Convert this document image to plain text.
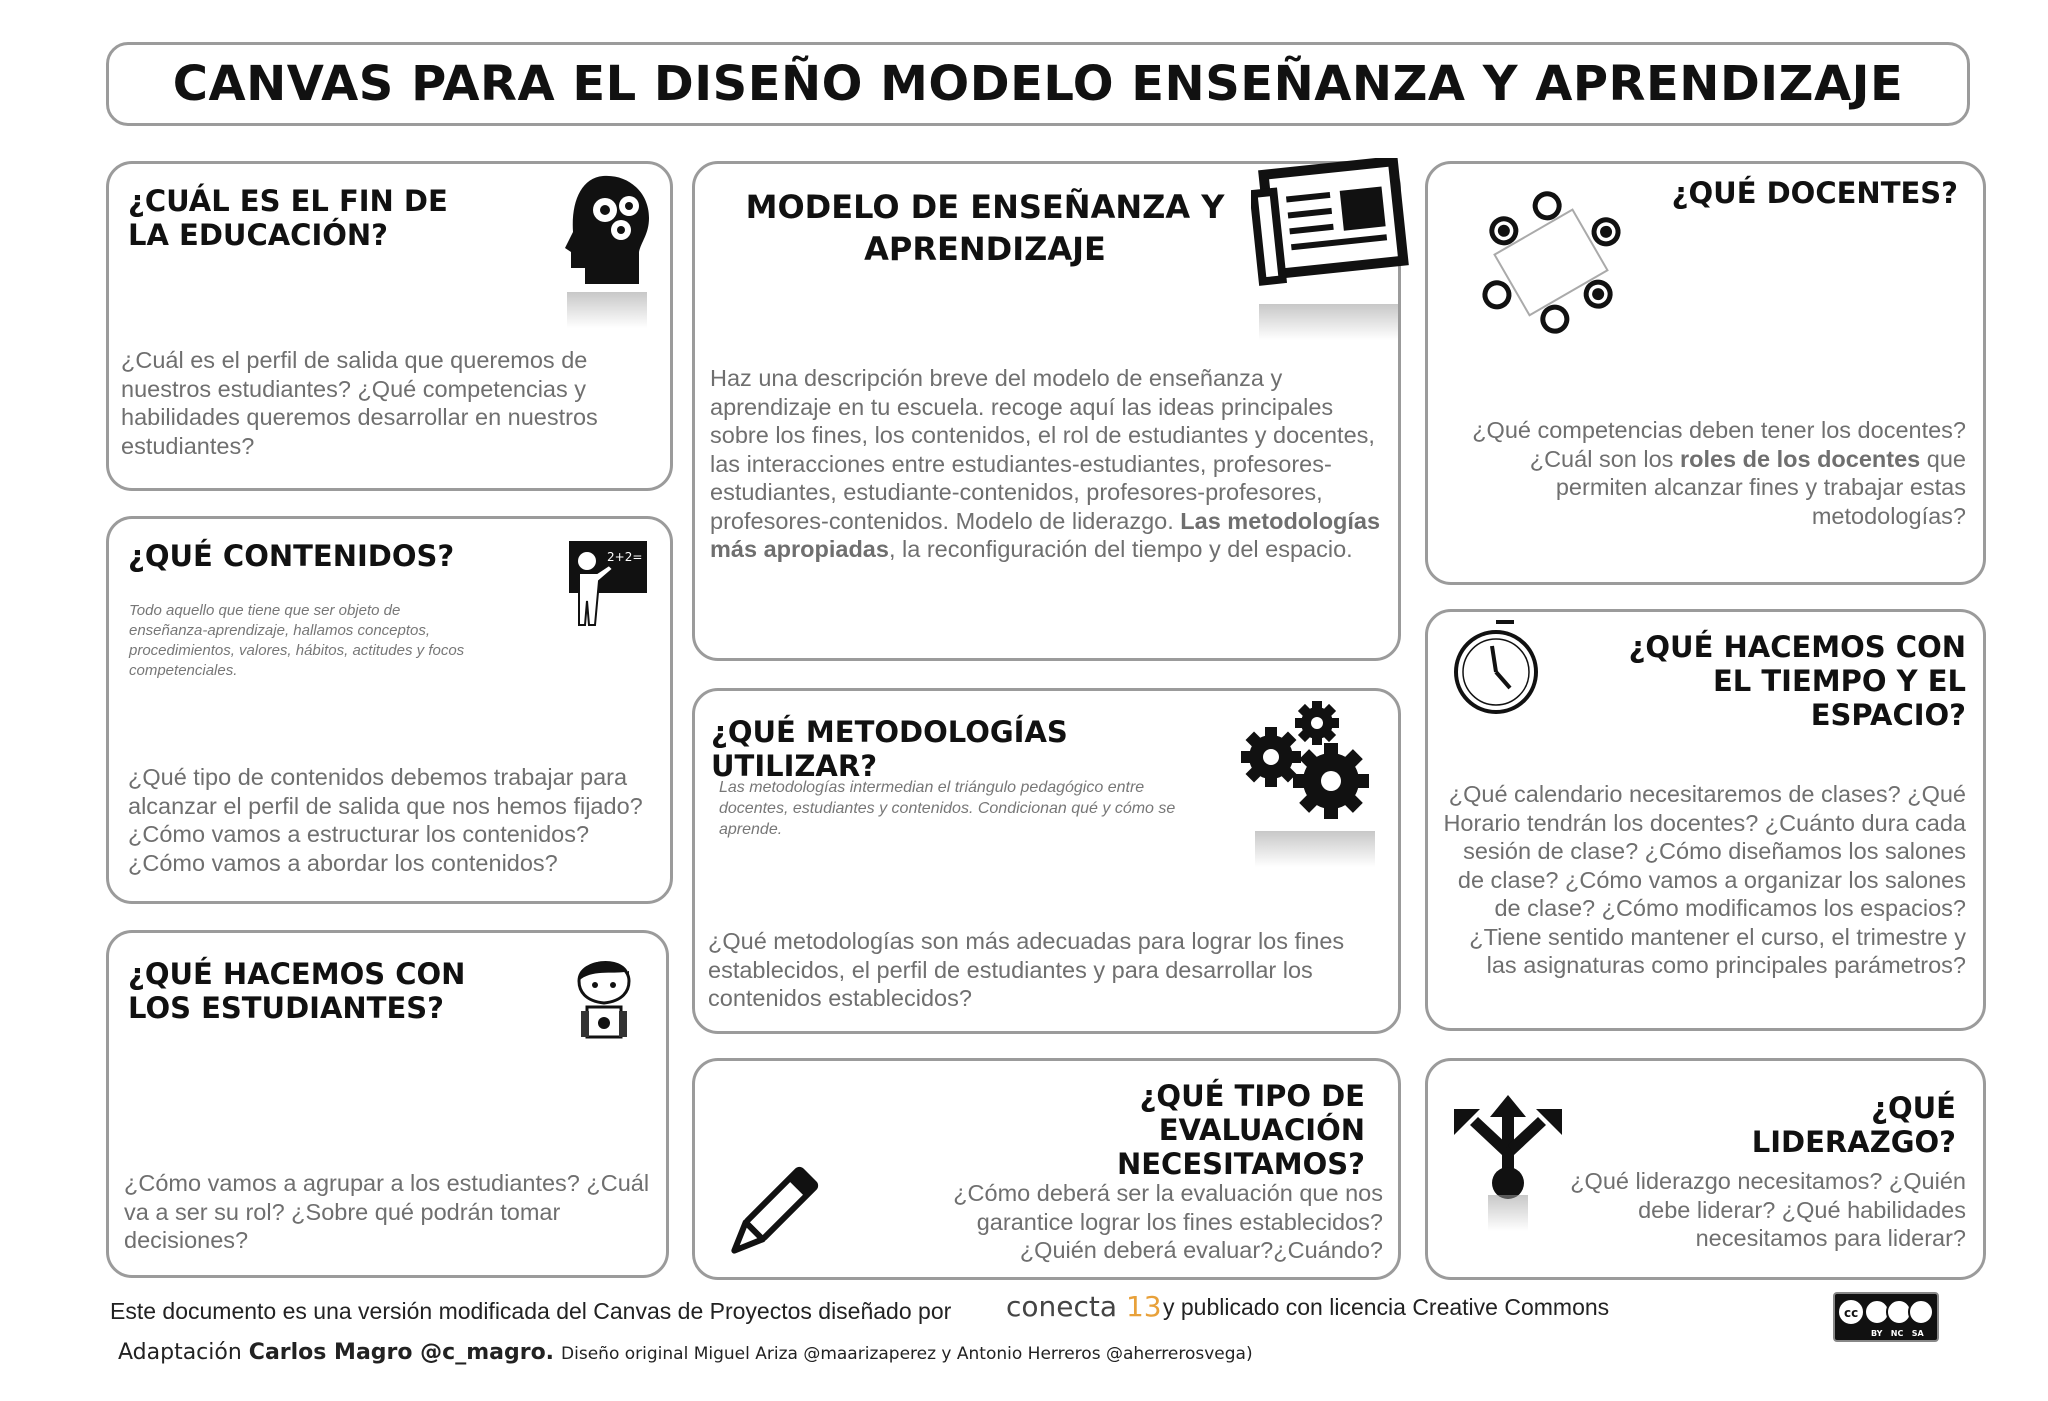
CANVAS PARA EL DISEÑO MODELO ENSEÑANZA Y APRENDIZAJE
¿CUÁL ES EL FIN DE LA EDUCACIÓN?

¿Cuál es el perfil de salida que queremos de nuestros estudiantes? ¿Qué competencias y habilidades queremos desarrollar en nuestros estudiantes?

¿QUÉ CONTENIDOS?	2+2=

Todo aquello que tiene que ser objeto de enseñanza-aprendizaje, hallamos conceptos, procedimientos, valores, hábitos, actitudes y focos competenciales.

¿Qué tipo de contenidos debemos trabajar para alcanzar el perfil de salida que nos hemos fijado? ¿Cómo vamos a estructurar los contenidos? ¿Cómo vamos a abordar los contenidos?

¿QUÉ HACEMOS CON LOS ESTUDIANTES?

¿Cómo vamos a agrupar a los estudiantes? ¿Cuál va a ser su rol? ¿Sobre qué podrán tomar decisiones?

MODELO DE ENSEÑANZA Y APRENDIZAJE

Haz una descripción breve del modelo de enseñanza y aprendizaje en tu escuela. recoge aquí las ideas principales sobre los fines, los contenidos, el rol de estudiantes y docentes, las interacciones entre estudiantes-estudiantes, profesores-estudiantes, estudiante-contenidos, profesores-profesores, profesores-contenidos. Modelo de liderazgo. Las metodologías más apropiadas, la reconfiguración del tiempo y del espacio.

¿QUÉ METODOLOGÍAS UTILIZAR?

Las metodologías intermedian el triángulo pedagógico entre docentes, estudiantes y contenidos. Condicionan qué y cómo se aprende.

¿Qué metodologías son más adecuadas para lograr los fines establecidos, el perfil de estudiantes y para desarrollar los contenidos establecidos?

¿QUÉ TIPO DE EVALUACIÓN NECESITAMOS?

¿Cómo deberá ser la evaluación que nos garantice lograr los fines establecidos? ¿Quién deberá evaluar?¿Cuándo?

¿QUÉ DOCENTES?

¿Qué competencias deben tener los docentes? ¿Cuál son los roles de los docentes que permiten alcanzar fines y trabajar estas metodologías?

¿QUÉ HACEMOS CON EL TIEMPO Y EL ESPACIO?

¿Qué calendario necesitaremos de clases? ¿Qué Horario tendrán los docentes? ¿Cuánto dura cada sesión de clase? ¿Cómo diseñamos los salones de clase? ¿Cómo vamos a organizar los salones de clase? ¿Cómo modificamos los espacios? ¿Tiene sentido mantener el curso, el trimestre y las asignaturas como principales parámetros?

¿QUÉ LIDERAZGO?

¿Qué liderazgo necesitamos? ¿Quién debe liderar? ¿Qué habilidades necesitamos para liderar?

Este documento es una versión modificada del Canvas de Proyectos diseñado por conecta 13 y publicado con licencia Creative Commons
Adaptación Carlos Magro @c_magro. Diseño original Miguel Ariza @maarizaperez y Antonio Herreros @aherrerosvega)
cc
BY   NC   SA
